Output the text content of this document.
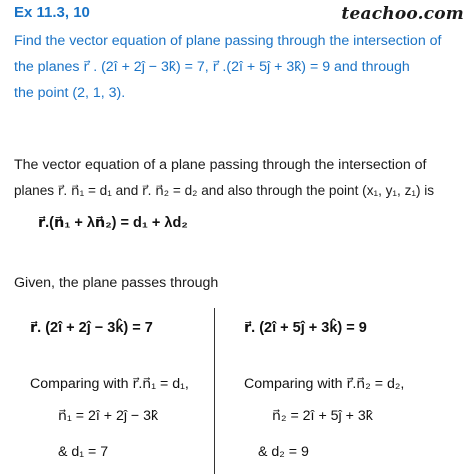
Ex 11.3, 10	teachoo.com
Find the vector equation of plane passing through the intersection of
the planes r⃗ . (2î + 2ĵ − 3k̂) = 7, r⃗ .(2î + 5ĵ + 3k̂) = 9 and through
the point (2, 1, 3).
The vector equation of a plane passing through the intersection of
planes r⃗. n⃗₁ = d₁ and r⃗. n⃗₂ = d₂ and also through the point (x₁, y₁, z₁) is
r⃗.(n⃗₁ + λn⃗₂) = d₁ + λd₂
Given, the plane passes through
r⃗. (2î + 2ĵ − 3k̂) = 7
Comparing with r⃗.n⃗₁ = d₁,
n⃗₁ = 2î + 2ĵ − 3k̂
& d₁ = 7
r⃗. (2î + 5ĵ + 3k̂) = 9
Comparing with r⃗.n⃗₂ = d₂,
n⃗₂ = 2î + 5ĵ + 3k̂
& d₂ = 9
